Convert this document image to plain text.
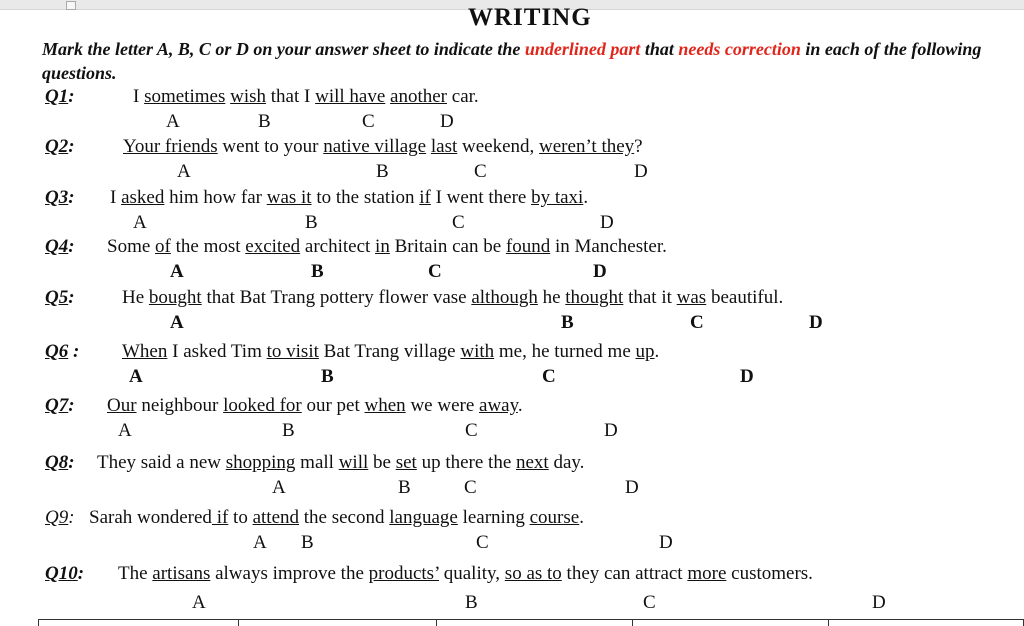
WRITING
Mark the letter A, B, C or D on your answer sheet to indicate the underlined part that needs correction in each of the following questions.
Q1:	I sometimes wish that I will have another car.
A	B	C	D
Q2:	Your friends went to your native village last weekend, weren’t they?
A	B	C	D
Q3: I asked him how far was it to the station if I went there by taxi.
A	B	C	D
Q4: Some of the most excited architect in Britain can be found in Manchester.
A	B	C	D
Q5: He bought that Bat Trang pottery flower vase although he thought that it was beautiful.
A	B	C	D
Q6 : When I asked Tim to visit Bat Trang village with me, he turned me up.
A	B	C	D
Q7: Our neighbour looked for our pet when we were away.
A	B	C	D
Q8: They said a new shopping mall will be set up there the next day.
A	B	C	D
Q9: Sarah wondered if to attend the second language learning course.
A B	C	D
Q10: The artisans always improve the products’ quality, so as to they can attract more customers.
A	B	C	D
